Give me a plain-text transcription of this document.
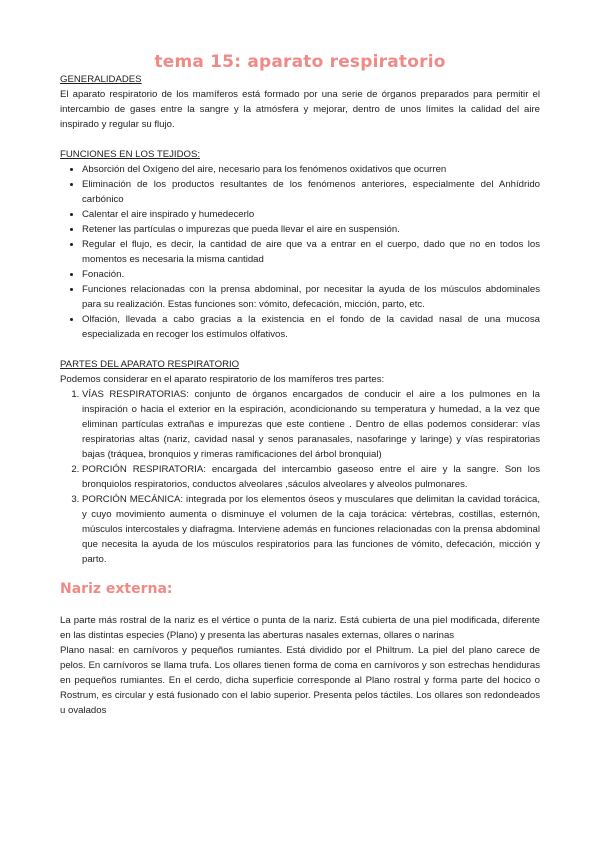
tema 15: aparato respiratorio

GENERALIDADES

El aparato respiratorio de los mamíferos está formado por una serie de órganos preparados para permitir el intercambio de gases entre la sangre y la atmósfera y mejorar, dentro de unos límites la calidad del aire inspirado y regular su flujo.

FUNCIONES EN LOS TEJIDOS:

• Absorción del Oxígeno del aire, necesario para los fenómenos oxidativos que ocurren
• Eliminación de los productos resultantes de los fenómenos anteriores, especialmente del Anhídrido carbónico
• Calentar el aire inspirado y humedecerlo
• Retener las partículas o impurezas que pueda llevar el aire en suspensión.
• Regular el flujo, es decir, la cantidad de aire que va a entrar en el cuerpo, dado que no en todos los momentos es necesaria la misma cantidad
• Fonación.
• Funciones relacionadas con la prensa abdominal, por necesitar la ayuda de los músculos abdominales para su realización. Estas funciones son: vómito, defecación, micción, parto, etc.
• Olfación, llevada a cabo gracias a la existencia en el fondo de la cavidad nasal de una mucosa especializada en recoger los estímulos olfativos.

PARTES DEL APARATO RESPIRATORIO

Podemos considerar en el aparato respiratorio de los mamíferos tres partes:

1. VÍAS RESPIRATORIAS: conjunto de órganos encargados de conducir el aire a los pulmones en la inspiración o hacia el exterior en la espiración, acondicionando su temperatura y humedad, a la vez que eliminan partículas extrañas e impurezas que este contiene . Dentro de ellas podemos considerar: vías respiratorias altas (nariz, cavidad nasal y senos paranasales, nasofaringe y laringe) y vías respiratorias bajas (tráquea, bronquios y rimeras ramificaciones del árbol bronquial)
2. PORCIÓN RESPIRATORIA: encargada del intercambio gaseoso entre el aire y la sangre. Son los bronquiolos respiratorios, conductos alveolares ,sáculos alveolares y alveolos pulmonares.
3. PORCIÓN MECÁNICA: integrada por los elementos óseos y musculares que delimitan la cavidad torácica, y cuyo movimiento aumenta o disminuye el volumen de la caja torácica: vértebras, costillas, esternón, músculos intercostales y diafragma. Interviene además en funciones relacionadas con la prensa abdominal que necesita la ayuda de los músculos respiratorios para las funciones de vómito, defecación, micción y parto.
Nariz externa:

La parte más rostral de la nariz es el vértice o punta de la nariz. Está cubierta de una piel modificada, diferente en las distintas especies (Plano) y presenta las aberturas nasales externas, ollares o narinas

Plano nasal: en carnívoros y pequeños rumiantes. Está dividido por el Philtrum. La piel del plano carece de pelos. En carnívoros se llama trufa. Los ollares tienen forma de coma en carnívoros y son estrechas hendiduras en pequeños rumiantes. En el cerdo, dicha superficie corresponde al Plano rostral y forma parte del hocico o Rostrum, es circular y está fusionado con el labio superior. Presenta pelos táctiles. Los ollares son redondeados u ovalados
